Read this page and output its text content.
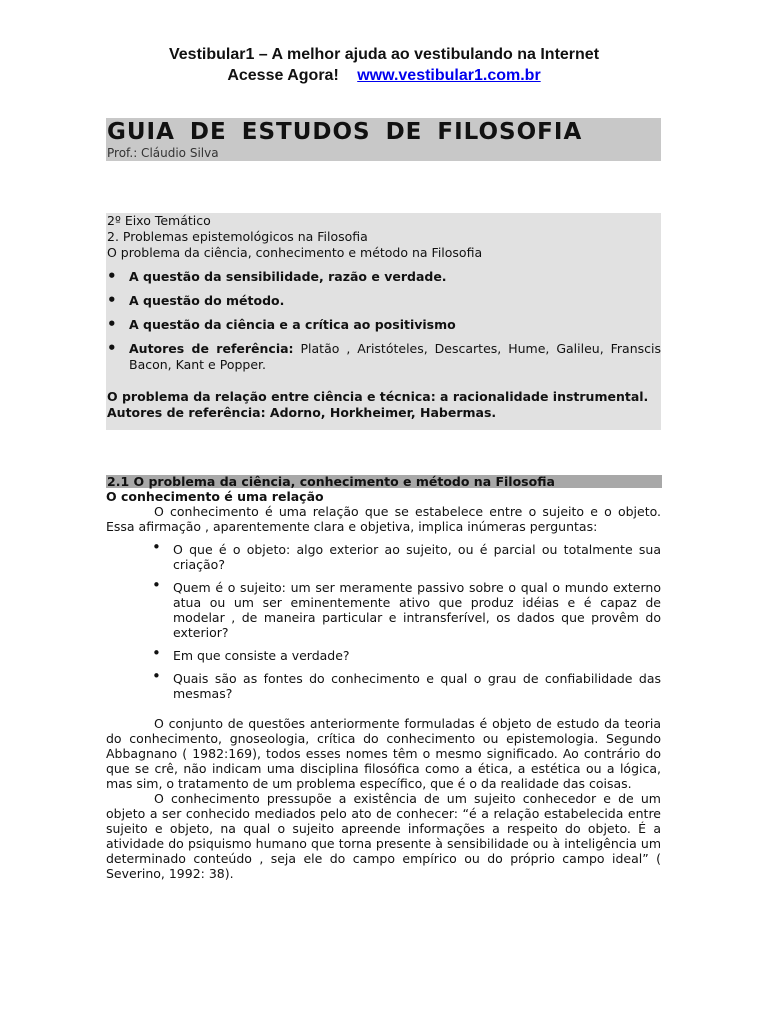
Vestibular1 – A melhor ajuda ao vestibulando na Internet
Acesse Agora! www.vestibular1.com.br
GUIA DE ESTUDOS DE FILOSOFIA
Prof.: Cláudio Silva
2º Eixo Temático
2. Problemas epistemológicos na Filosofia
O problema da ciência, conhecimento e método na Filosofia
• A questão da sensibilidade, razão e verdade.
• A questão do método.
• A questão da ciência e a crítica ao positivismo
• Autores de referência: Platão , Aristóteles, Descartes, Hume, Galileu, Franscis Bacon, Kant e Popper.
O problema da relação entre ciência e técnica: a racionalidade instrumental.
Autores de referência: Adorno, Horkheimer, Habermas.
2.1 O problema da ciência, conhecimento e método na Filosofia
O conhecimento é uma relação
O conhecimento é uma relação que se estabelece entre o sujeito e o objeto. Essa afirmação , aparentemente clara e objetiva, implica inúmeras perguntas:
• O que é o objeto: algo exterior ao sujeito, ou é parcial ou totalmente sua criação?
• Quem é o sujeito: um ser meramente passivo sobre o qual o mundo externo atua ou um ser eminentemente ativo que produz idéias e é capaz de modelar , de maneira particular e intransferível, os dados que provêm do exterior?
• Em que consiste a verdade?
• Quais são as fontes do conhecimento e qual o grau de confiabilidade das mesmas?
O conjunto de questões anteriormente formuladas é objeto de estudo da teoria do conhecimento, gnoseologia, crítica do conhecimento ou epistemologia. Segundo Abbagnano ( 1982:169), todos esses nomes têm o mesmo significado. Ao contrário do que se crê, não indicam uma disciplina filosófica como a ética, a estética ou a lógica, mas sim, o tratamento de um problema específico, que é o da realidade das coisas.
O conhecimento pressupõe a existência de um sujeito conhecedor e de um objeto a ser conhecido mediados pelo ato de conhecer: “é a relação estabelecida entre sujeito e objeto, na qual o sujeito apreende informações a respeito do objeto. É a atividade do psiquismo humano que torna presente à sensibilidade ou à inteligência um determinado conteúdo , seja ele do campo empírico ou do próprio campo ideal” ( Severino, 1992: 38).
